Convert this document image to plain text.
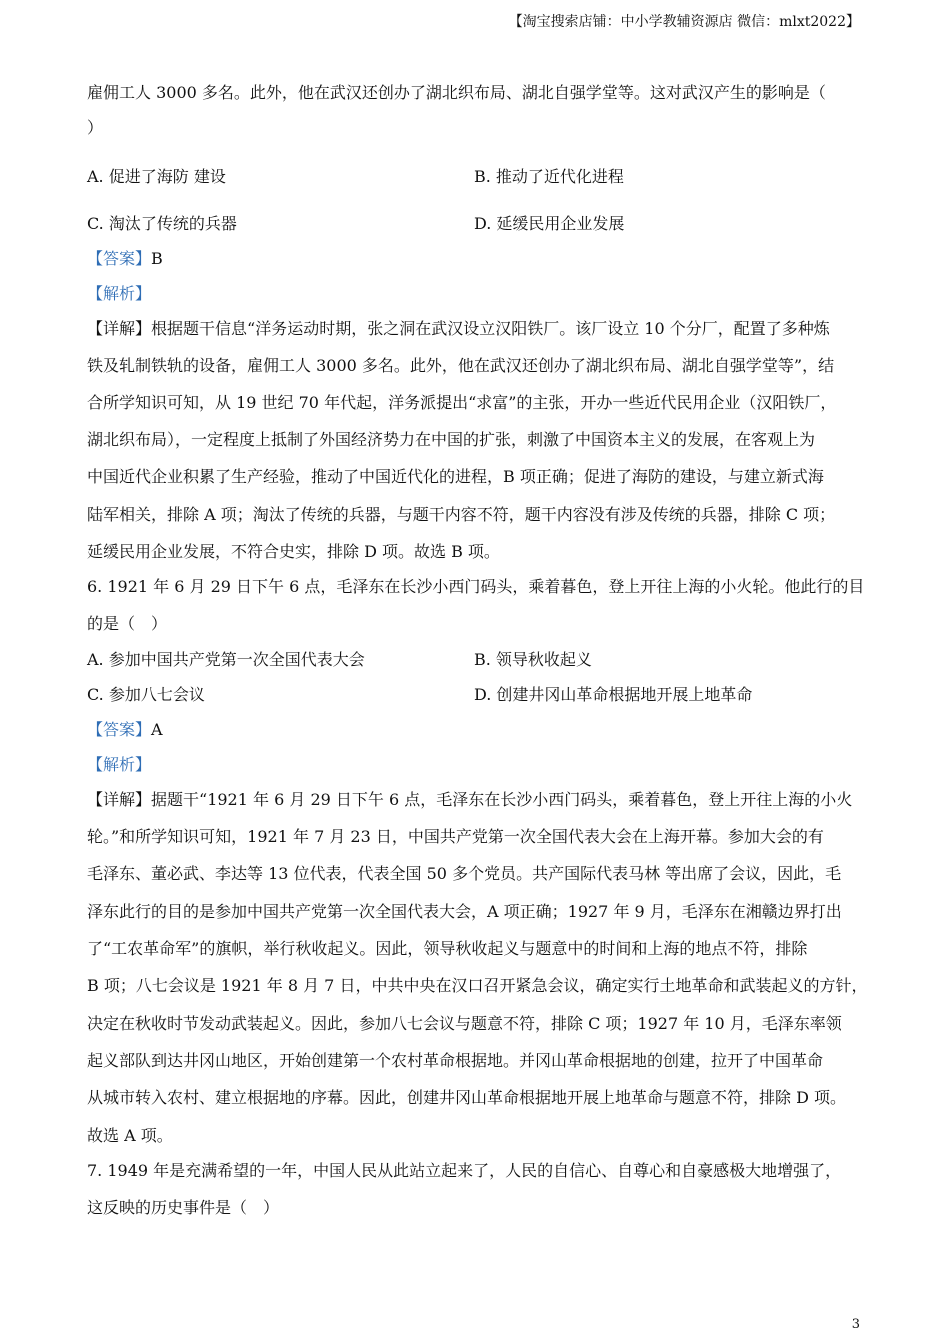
【淘宝搜索店铺：中小学教辅资源店 微信：mlxt2022】
雇佣工人 3000 多名。此外，他在武汉还创办了湖北织布局、湖北自强学堂等。这对武汉产生的影响是（
）
A. 促进了海防 建设	B. 推动了近代化进程
C. 淘汰了传统的兵器	D. 延缓民用企业发展
【答案】B
【解析】
【详解】根据题干信息“洋务运动时期，张之洞在武汉设立汉阳铁厂。该厂设立 10 个分厂，配置了多种炼
铁及轧制铁轨的设备，雇佣工人 3000 多名。此外，他在武汉还创办了湖北织布局、湖北自强学堂等”，结
合所学知识可知，从 19 世纪 70 年代起，洋务派提出“求富”的主张，开办一些近代民用企业（汉阳铁厂，
湖北织布局），一定程度上抵制了外国经济势力在中国的扩张，刺激了中国资本主义的发展，在客观上为
中国近代企业积累了生产经验，推动了中国近代化的进程，B 项正确；促进了海防的建设，与建立新式海
陆军相关，排除 A 项；淘汰了传统的兵器，与题干内容不符，题干内容没有涉及传统的兵器，排除 C 项；
延缓民用企业发展，不符合史实，排除 D 项。故选 B 项。
6. 1921 年 6 月 29 日下午 6 点，毛泽东在长沙小西门码头，乘着暮色，登上开往上海的小火轮。他此行的目
的是（　）
A. 参加中国共产党第一次全国代表大会	B. 领导秋收起义
C. 参加八七会议	D. 创建井冈山革命根据地开展上地革命
【答案】A
【解析】
【详解】据题干“1921 年 6 月 29 日下午 6 点，毛泽东在长沙小西门码头，乘着暮色，登上开往上海的小火
轮。”和所学知识可知，1921 年 7 月 23 日，中国共产党第一次全国代表大会在上海开幕。参加大会的有
毛泽东、董必武、李达等 13 位代表，代表全国 50 多个党员。共产国际代表马林 等出席了会议，因此，毛
泽东此行的目的是参加中国共产党第一次全国代表大会，A 项正确；1927 年 9 月，毛泽东在湘赣边界打出
了“工农革命军”的旗帜，举行秋收起义。因此，领导秋收起义与题意中的时间和上海的地点不符，排除
B 项；八七会议是 1921 年 8 月 7 日，中共中央在汉口召开紧急会议，确定实行土地革命和武装起义的方针，
决定在秋收时节发动武装起义。因此，参加八七会议与题意不符，排除 C 项；1927 年 10 月，毛泽东率领
起义部队到达井冈山地区，开始创建第一个农村革命根据地。并冈山革命根据地的创建，拉开了中国革命
从城市转入农村、建立根据地的序幕。因此，创建井冈山革命根据地开展上地革命与题意不符，排除 D 项。
故选 A 项。
7. 1949 年是充满希望的一年，中国人民从此站立起来了，人民的自信心、自尊心和自豪感极大地增强了，
这反映的历史事件是（　）
3
